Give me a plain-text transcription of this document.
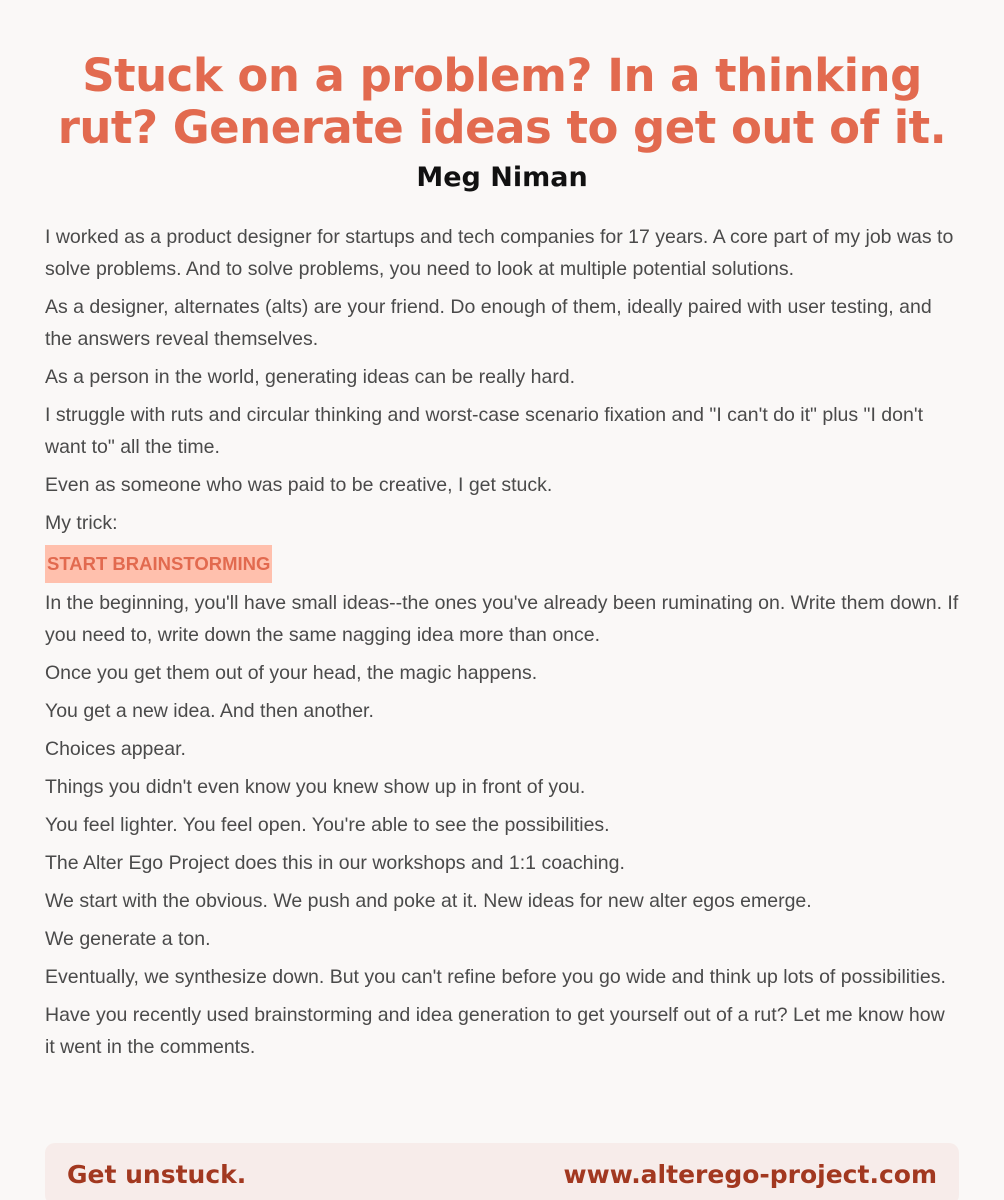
Stuck on a problem? In a thinking rut? Generate ideas to get out of it.
Meg Niman

I worked as a product designer for startups and tech companies for 17 years. A core part of my job was to solve problems. And to solve problems, you need to look at multiple potential solutions.

As a designer, alternates (alts) are your friend. Do enough of them, ideally paired with user testing, and the answers reveal themselves.

As a person in the world, generating ideas can be really hard.

I struggle with ruts and circular thinking and worst-case scenario fixation and "I can't do it" plus "I don't want to" all the time.

Even as someone who was paid to be creative, I get stuck.

My trick:

START BRAINSTORMING

In the beginning, you'll have small ideas--the ones you've already been ruminating on. Write them down. If you need to, write down the same nagging idea more than once.

Once you get them out of your head, the magic happens.

You get a new idea. And then another.

Choices appear.

Things you didn't even know you knew show up in front of you.

You feel lighter. You feel open. You're able to see the possibilities.

The Alter Ego Project does this in our workshops and 1:1 coaching.

We start with the obvious. We push and poke at it. New ideas for new alter egos emerge.

We generate a ton.

Eventually, we synthesize down. But you can't refine before you go wide and think up lots of possibilities.

Have you recently used brainstorming and idea generation to get yourself out of a rut? Let me know how it went in the comments.

Get unstuck.	www.alterego-project.com
